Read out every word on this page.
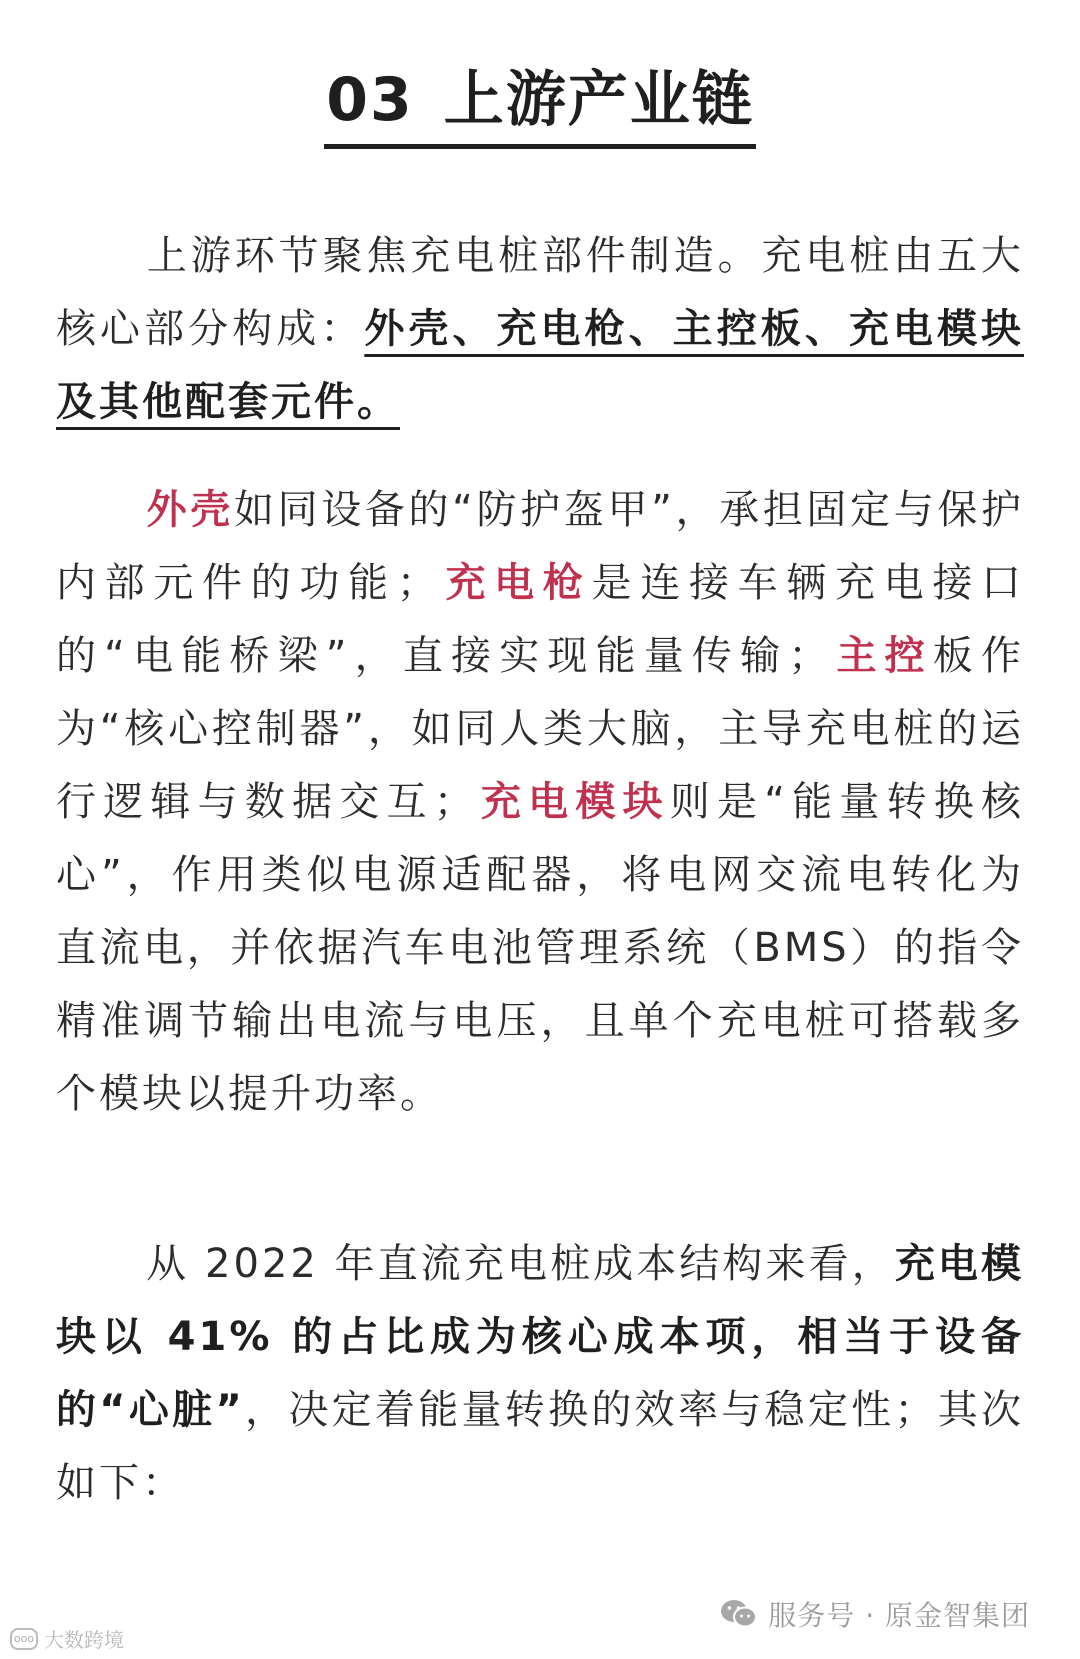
03 上游产业链

上游环节聚焦充电桩部件制造。充电桩由五大核心部分构成：外壳、充电枪、主控板、充电模块及其他配套元件。

外壳如同设备的“防护盔甲”，承担固定与保护内部元件的功能；充电枪是连接车辆充电接口的“电能桥梁”，直接实现能量传输；主控板作为“核心控制器”，如同人类大脑，主导充电桩的运行逻辑与数据交互；充电模块则是“能量转换核心”，作用类似电源适配器，将电网交流电转化为直流电，并依据汽车电池管理系统（BMS）的指令精准调节输出电流与电压，且单个充电桩可搭载多个模块以提升功率。

从 2022 年直流充电桩成本结构来看，充电模块以 41% 的占比成为核心成本项，相当于设备的“心脏”，决定着能量转换的效率与稳定性；其次如下：

ooo 大数跨境
服务号 · 原金智集团
